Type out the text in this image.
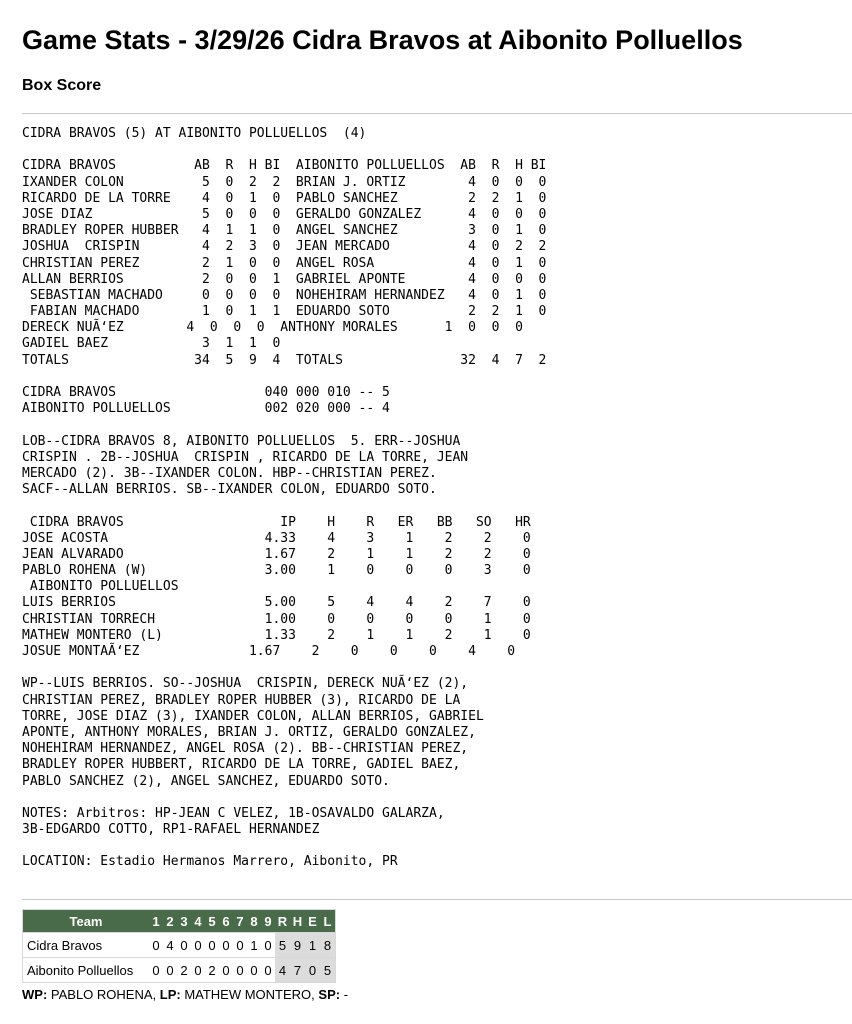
Game Stats - 3/29/26 Cidra Bravos at Aibonito Polluellos
Box Score
CIDRA BRAVOS (5) AT AIBONITO POLLUELLOS  (4)
CIDRA BRAVOS          AB  R  H BI  AIBONITO POLLUELLOS  AB  R  H BI
IXANDER COLON          5  0  2  2  BRIAN J. ORTIZ        4  0  0  0
RICARDO DE LA TORRE    4  0  1  0  PABLO SANCHEZ         2  2  1  0
JOSE DIAZ              5  0  0  0  GERALDO GONZALEZ      4  0  0  0
BRADLEY ROPER HUBBER   4  1  1  0  ANGEL SANCHEZ         3  0  1  0
JOSHUA  CRISPIN        4  2  3  0  JEAN MERCADO          4  0  2  2
CHRISTIAN PEREZ        2  1  0  0  ANGEL ROSA            4  0  1  0
ALLAN BERRIOS          2  0  0  1  GABRIEL APONTE        4  0  0  0
SEBASTIAN MACHADO     0  0  0  0  NOHEHIRAM HERNANDEZ   4  0  1  0
FABIAN MACHADO        1  0  1  1  EDUARDO SOTO          2  2  1  0
DERECK NUÃ‘EZ        4  0  0  0  ANTHONY MORALES      1  0  0  0
GADIEL BAEZ            3  1  1  0
TOTALS                34  5  9  4  TOTALS               32  4  7  2
CIDRA BRAVOS                   040 000 010 -- 5
AIBONITO POLLUELLOS            002 020 000 -- 4
LOB--CIDRA BRAVOS 8, AIBONITO POLLUELLOS  5. ERR--JOSHUA
CRISPIN . 2B--JOSHUA  CRISPIN , RICARDO DE LA TORRE, JEAN
MERCADO (2). 3B--IXANDER COLON. HBP--CHRISTIAN PEREZ.
SACF--ALLAN BERRIOS. SB--IXANDER COLON, EDUARDO SOTO.
CIDRA BRAVOS                    IP    H    R   ER   BB   SO   HR
JOSE ACOSTA                    4.33    4    3    1    2    2    0
JEAN ALVARADO                  1.67    2    1    1    2    2    0
PABLO ROHENA (W)               3.00    1    0    0    0    3    0
AIBONITO POLLUELLOS
LUIS BERRIOS                   5.00    5    4    4    2    7    0
CHRISTIAN TORRECH              1.00    0    0    0    0    1    0
MATHEW MONTERO (L)             1.33    2    1    1    2    1    0
JOSUE MONTAÃ‘EZ              1.67    2    0    0    0    4    0
WP--LUIS BERRIOS. SO--JOSHUA  CRISPIN, DERECK NUÃ‘EZ (2),
CHRISTIAN PEREZ, BRADLEY ROPER HUBBER (3), RICARDO DE LA
TORRE, JOSE DIAZ (3), IXANDER COLON, ALLAN BERRIOS, GABRIEL
APONTE, ANTHONY MORALES, BRIAN J. ORTIZ, GERALDO GONZALEZ,
NOHEHIRAM HERNANDEZ, ANGEL ROSA (2). BB--CHRISTIAN PEREZ,
BRADLEY ROPER HUBBERT, RICARDO DE LA TORRE, GADIEL BAEZ,
PABLO SANCHEZ (2), ANGEL SANCHEZ, EDUARDO SOTO.
NOTES: Arbitros: HP-JEAN C VELEZ, 1B-OSAVALDO GALARZA,
3B-EDGARDO COTTO, RP1-RAFAEL HERNANDEZ
LOCATION: Estadio Hermanos Marrero, Aibonito, PR
Team	1	2	3	4	5	6	7	8	9	R	H	E	L
Cidra Bravos	0	4	0	0	0	0	0	1	0	5	9	1	8
Aibonito Polluellos	0	0	2	0	2	0	0	0	0	4	7	0	5

WP: PABLO ROHENA, LP: MATHEW MONTERO, SP: -
